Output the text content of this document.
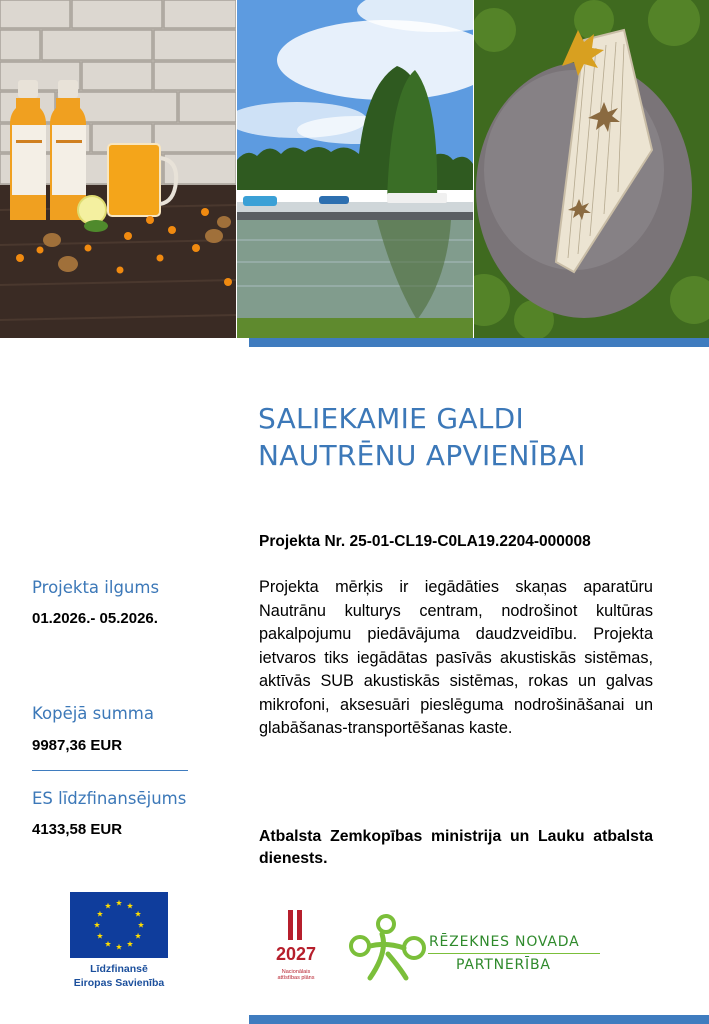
SALIEKAMIE GALDI
NAUTRĒNU APVIENĪBAI
Projekta Nr. 25-01-CL19-C0LA19.2204-000008

Projekta mērķis ir iegādāties skaņas aparatūru Nautrānu kulturys centram, nodrošinot kultūras pakalpojumu piedāvājuma daudzveidību. Projekta ietvaros tiks iegādātas pasīvās akustiskās sistēmas, aktīvās SUB akustiskās sistēmas, rokas un galvas mikrofoni, aksesuāri pieslēguma nodrošināšanai un glabāšanas-transportēšanas kaste.

Atbalsta Zemkopības ministrija un Lauku atbalsta dienests.

Projekta ilgums
01.2026.- 05.2026.
Kopējā summa
9987,36 EUR
ES līdzfinansējums
4133,58 EUR
Līdzfinansē
Eiropas Savienība
2027
Nacionālais
attīstības plāns
RĒZEKNES NOVADA
PARTNERĪBA
